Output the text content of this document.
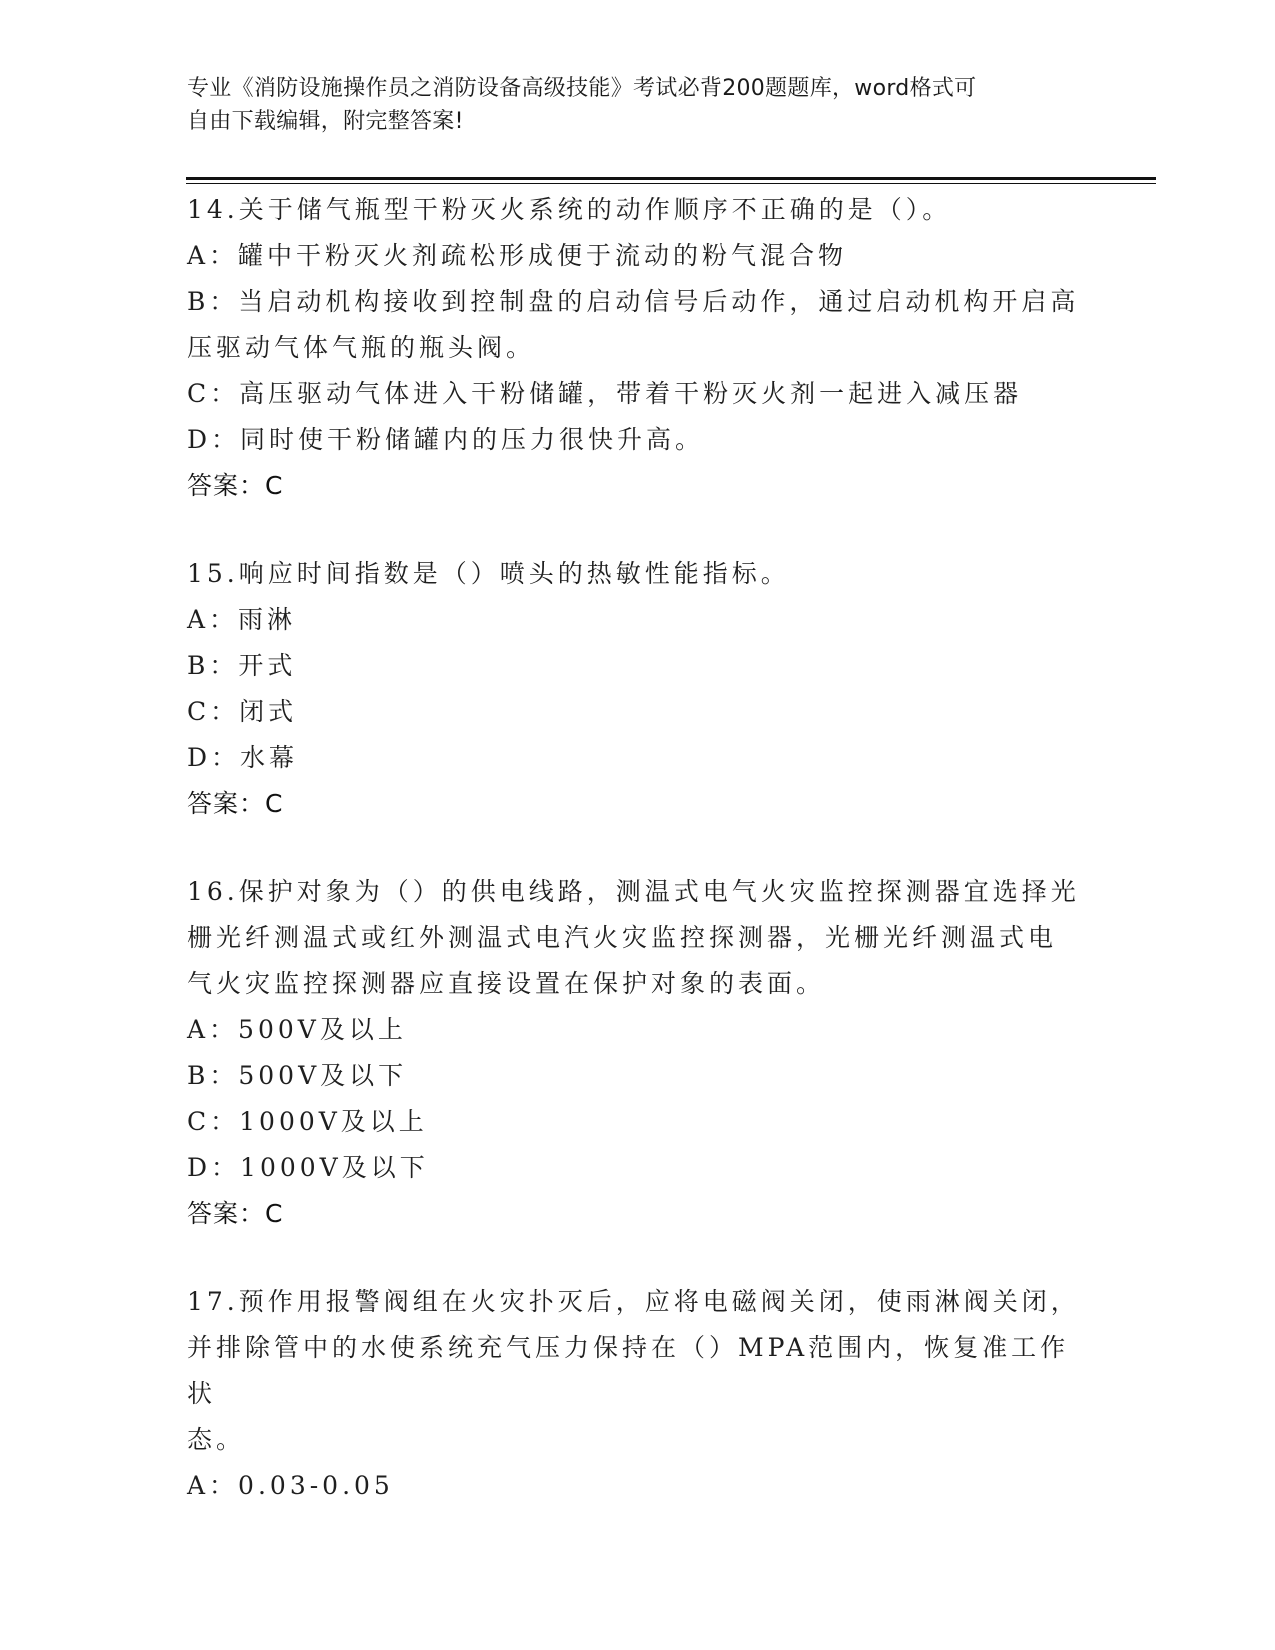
专业《消防设施操作员之消防设备高级技能》考试必背200题题库，word格式可
自由下载编辑，附完整答案!
14.关于储气瓶型干粉灭火系统的动作顺序不正确的是（）。
A：罐中干粉灭火剂疏松形成便于流动的粉气混合物
B：当启动机构接收到控制盘的启动信号后动作，通过启动机构开启高
压驱动气体气瓶的瓶头阀。
C：高压驱动气体进入干粉储罐，带着干粉灭火剂一起进入减压器
D：同时使干粉储罐内的压力很快升高。
答案：C
15.响应时间指数是（）喷头的热敏性能指标。
A：雨淋
B：开式
C：闭式
D：水幕
答案：C
16.保护对象为（）的供电线路，测温式电气火灾监控探测器宜选择光
栅光纤测温式或红外测温式电汽火灾监控探测器，光栅光纤测温式电
气火灾监控探测器应直接设置在保护对象的表面。
A：500V及以上
B：500V及以下
C：1000V及以上
D：1000V及以下
答案：C
17.预作用报警阀组在火灾扑灭后，应将电磁阀关闭，使雨淋阀关闭，
并排除管中的水使系统充气压力保持在（）MPA范围内，恢复准工作状
态。
A：0.03-0.05
